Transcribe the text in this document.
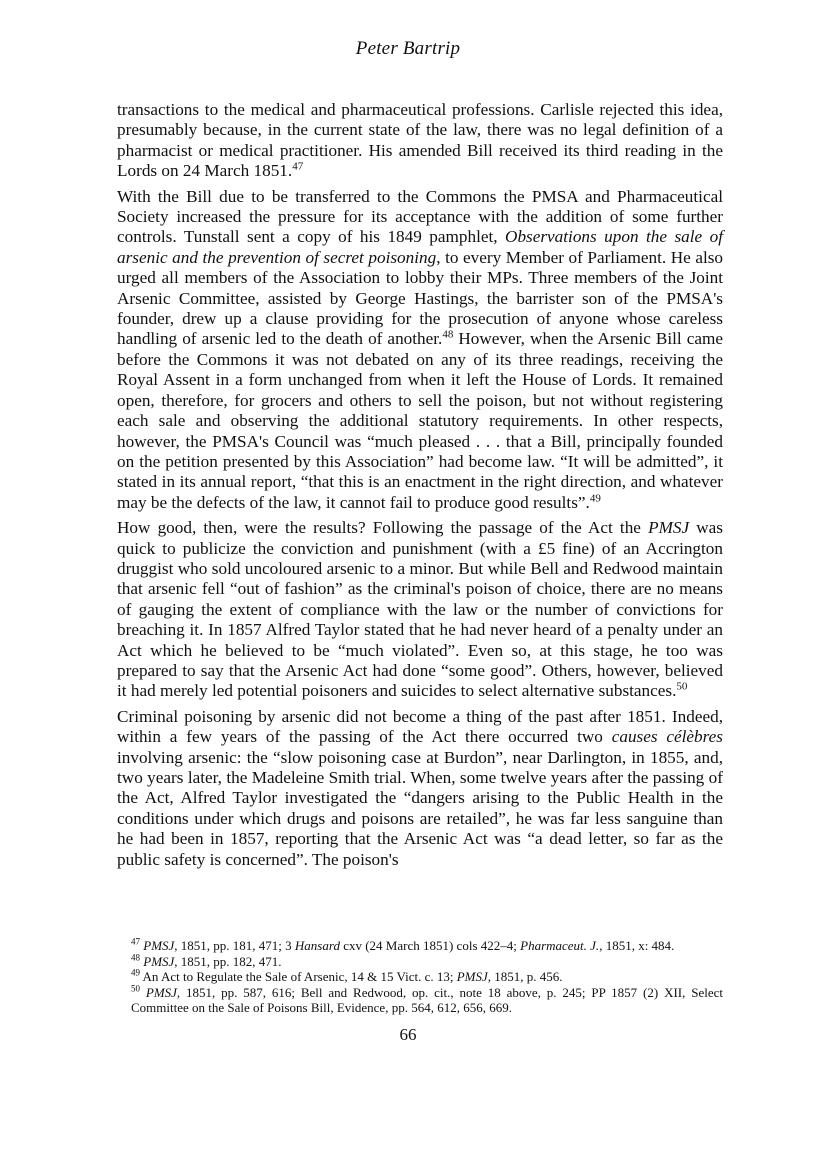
Peter Bartrip

transactions to the medical and pharmaceutical professions. Carlisle rejected this idea, presumably because, in the current state of the law, there was no legal definition of a pharmacist or medical practitioner. His amended Bill received its third reading in the Lords on 24 March 1851.47

With the Bill due to be transferred to the Commons the PMSA and Pharmaceutical Society increased the pressure for its acceptance with the addition of some further controls. Tunstall sent a copy of his 1849 pamphlet, Observations upon the sale of arsenic and the prevention of secret poisoning, to every Member of Parliament. He also urged all members of the Association to lobby their MPs. Three members of the Joint Arsenic Committee, assisted by George Hastings, the barrister son of the PMSA's founder, drew up a clause providing for the prosecution of anyone whose careless handling of arsenic led to the death of another.$^{48}$ However, when the Arsenic Bill came before the Commons it was not debated on any of its three readings, receiving the Royal Assent in a form unchanged from when it left the House of Lords. It remained open, therefore, for grocers and others to sell the poison, but not without registering each sale and observing the additional statutory requirements. In other respects, however, the PMSA's Council was “much pleased . . . that a Bill, principally founded on the petition presented by this Association” had become law. “It will be admitted”, it stated in its annual report, “that this is an enactment in the right direction, and whatever may be the defects of the law, it cannot fail to produce good results”.$^{49}$

How good, then, were the results? Following the passage of the Act the PMSJ was quick to publicize the conviction and punishment (with a £5 fine) of an Accrington druggist who sold uncoloured arsenic to a minor. But while Bell and Redwood maintain that arsenic fell “out of fashion” as the criminal's poison of choice, there are no means of gauging the extent of compliance with the law or the number of convictions for breaching it. In 1857 Alfred Taylor stated that he had never heard of a penalty under an Act which he believed to be “much violated”. Even so, at this stage, he too was prepared to say that the Arsenic Act had done “some good”. Others, however, believed it had merely led potential poisoners and suicides to select alternative substances.$^{50}$

Criminal poisoning by arsenic did not become a thing of the past after 1851. Indeed, within a few years of the passing of the Act there occurred two causes célèbres involving arsenic: the “slow poisoning case at Burdon”, near Darlington, in 1855, and, two years later, the Madeleine Smith trial. When, some twelve years after the passing of the Act, Alfred Taylor investigated the “dangers arising to the Public Health in the conditions under which drugs and poisons are retailed”, he was far less sanguine than he had been in 1857, reporting that the Arsenic Act was “a dead letter, so far as the public safety is concerned”. The poison's

$^{47}$ PMSJ, 1851, pp. 181, 471; 3 Hansard cxv (24 March 1851) cols 422–4; Pharmaceut. J., 1851, x: 484.

$^{48}$ PMSJ, 1851, pp. 182, 471.

$^{49}$ An Act to Regulate the Sale of Arsenic, 14 & 15 Vict. c. 13; PMSJ, 1851, p. 456.

$^{50}$ PMSJ, 1851, pp. 587, 616; Bell and Redwood, op. cit., note 18 above, p. 245; PP 1857 (2) XII, Select Committee on the Sale of Poisons Bill, Evidence, pp. 564, 612, 656, 669.

66
